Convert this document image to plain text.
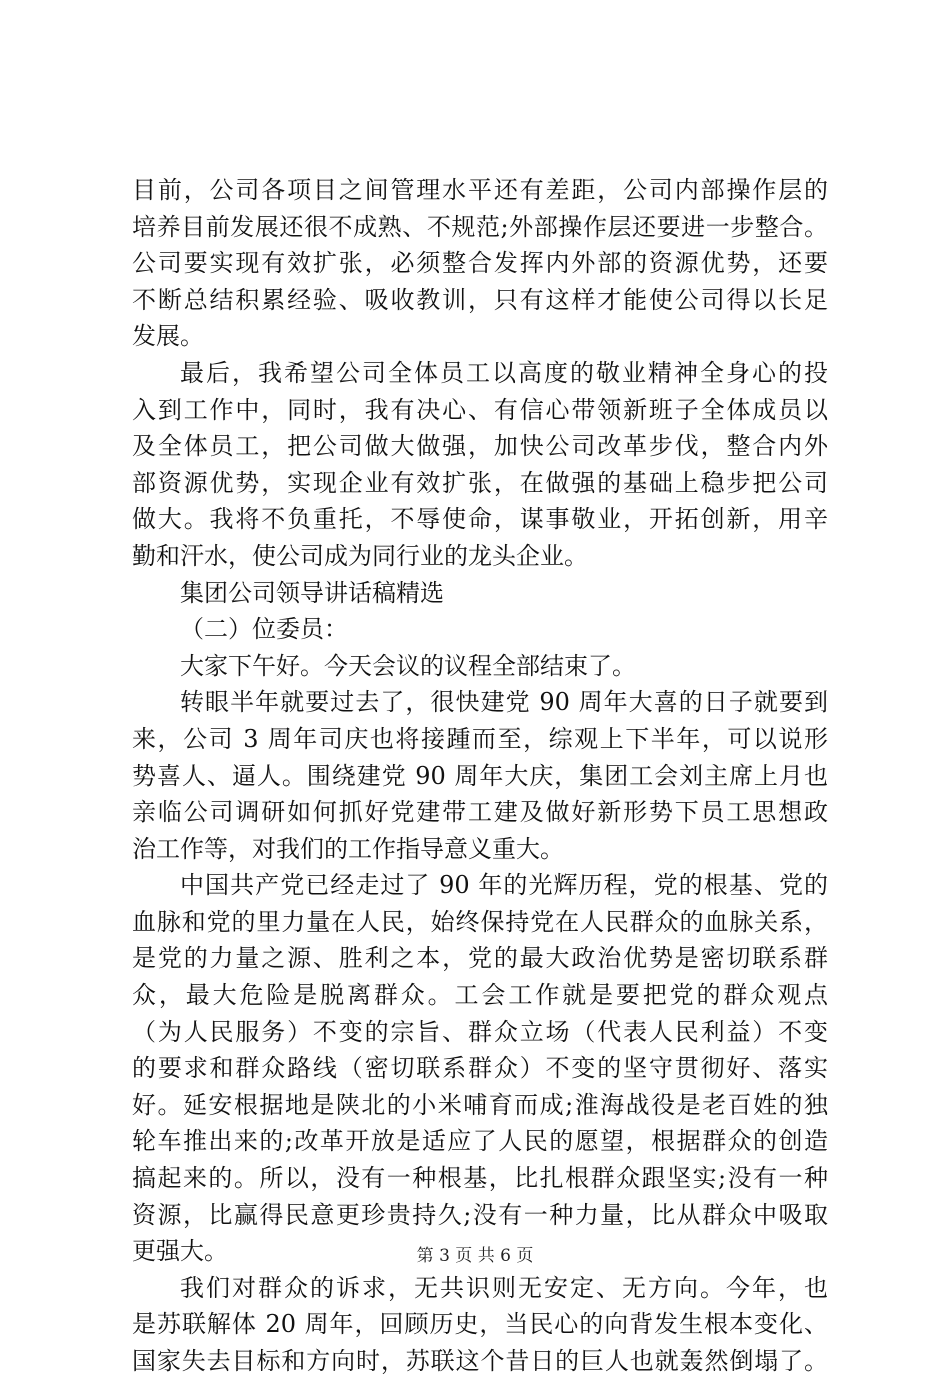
目前，公司各项目之间管理水平还有差距，公司内部操作层的
培养目前发展还很不成熟、不规范;外部操作层还要进一步整合。
公司要实现有效扩张，必须整合发挥内外部的资源优势，还要
不断总结积累经验、吸收教训，只有这样才能使公司得以长足
发展。
最后，我希望公司全体员工以高度的敬业精神全身心的投
入到工作中，同时，我有决心、有信心带领新班子全体成员以
及全体员工，把公司做大做强，加快公司改革步伐，整合内外
部资源优势，实现企业有效扩张，在做强的基础上稳步把公司
做大。我将不负重托，不辱使命，谋事敬业，开拓创新，用辛
勤和汗水，使公司成为同行业的龙头企业。
集团公司领导讲话稿精选
（二）位委员：
大家下午好。今天会议的议程全部结束了。
转眼半年就要过去了，很快建党 90 周年大喜的日子就要到
来，公司 3 周年司庆也将接踵而至，综观上下半年，可以说形
势喜人、逼人。围绕建党 90 周年大庆，集团工会刘主席上月也
亲临公司调研如何抓好党建带工建及做好新形势下员工思想政
治工作等，对我们的工作指导意义重大。
中国共产党已经走过了 90 年的光辉历程，党的根基、党的
血脉和党的里力量在人民，始终保持党在人民群众的血脉关系，
是党的力量之源、胜利之本，党的最大政治优势是密切联系群
众，最大危险是脱离群众。工会工作就是要把党的群众观点
（为人民服务）不变的宗旨、群众立场（代表人民利益）不变
的要求和群众路线（密切联系群众）不变的坚守贯彻好、落实
好。延安根据地是陕北的小米哺育而成;淮海战役是老百姓的独
轮车推出来的;改革开放是适应了人民的愿望，根据群众的创造
搞起来的。所以，没有一种根基，比扎根群众跟坚实;没有一种
资源，比赢得民意更珍贵持久;没有一种力量，比从群众中吸取
更强大。
我们对群众的诉求，无共识则无安定、无方向。今年，也
是苏联解体 20 周年，回顾历史，当民心的向背发生根本变化、
国家失去目标和方向时，苏联这个昔日的巨人也就轰然倒塌了。
第 3 页 共 6 页
